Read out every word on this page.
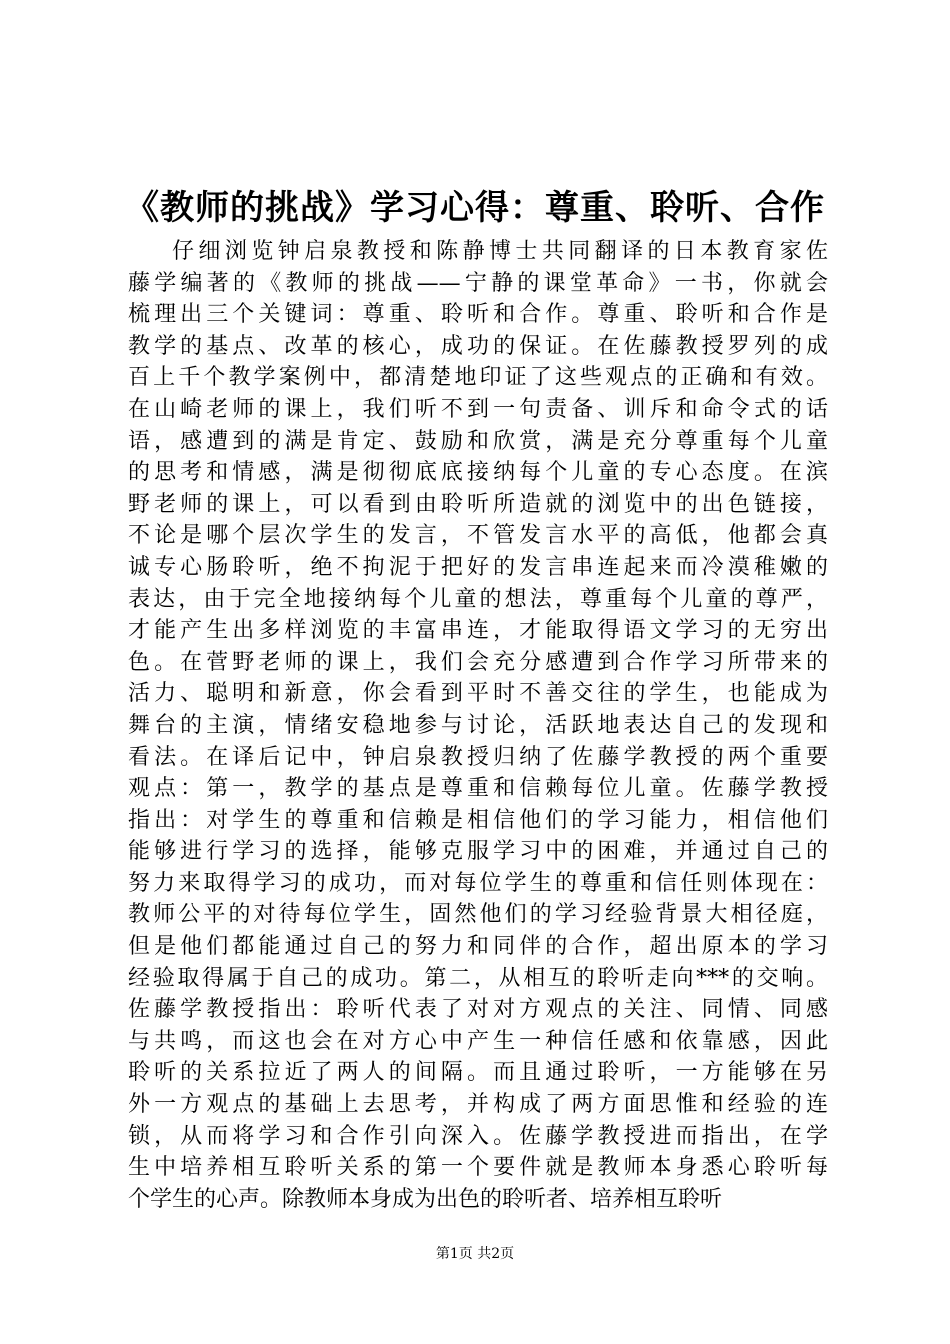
《教师的挑战》学习心得：尊重、聆听、合作
仔细浏览钟启泉教授和陈静博士共同翻译的日本教育家佐
藤学编著的《教师的挑战——宁静的课堂革命》一书，你就会
梳理出三个关键词：尊重、聆听和合作。尊重、聆听和合作是
教学的基点、改革的核心，成功的保证。在佐藤教授罗列的成
百上千个教学案例中，都清楚地印证了这些观点的正确和有效。
在山崎老师的课上，我们听不到一句责备、训斥和命令式的话
语，感遭到的满是肯定、鼓励和欣赏，满是充分尊重每个儿童
的思考和情感，满是彻彻底底接纳每个儿童的专心态度。在滨
野老师的课上，可以看到由聆听所造就的浏览中的出色链接，
不论是哪个层次学生的发言，不管发言水平的高低，他都会真
诚专心肠聆听，绝不拘泥于把好的发言串连起来而冷漠稚嫩的
表达，由于完全地接纳每个儿童的想法，尊重每个儿童的尊严，
才能产生出多样浏览的丰富串连，才能取得语文学习的无穷出
色。在菅野老师的课上，我们会充分感遭到合作学习所带来的
活力、聪明和新意，你会看到平时不善交往的学生，也能成为
舞台的主演，情绪安稳地参与讨论，活跃地表达自己的发现和
看法。在译后记中，钟启泉教授归纳了佐藤学教授的两个重要
观点：第一，教学的基点是尊重和信赖每位儿童。佐藤学教授
指出：对学生的尊重和信赖是相信他们的学习能力，相信他们
能够进行学习的选择，能够克服学习中的困难，并通过自己的
努力来取得学习的成功，而对每位学生的尊重和信任则体现在：
教师公平的对待每位学生，固然他们的学习经验背景大相径庭，
但是他们都能通过自己的努力和同伴的合作，超出原本的学习
经验取得属于自己的成功。第二，从相互的聆听走向***的交响。
佐藤学教授指出：聆听代表了对对方观点的关注、同情、同感
与共鸣，而这也会在对方心中产生一种信任感和依靠感，因此
聆听的关系拉近了两人的间隔。而且通过聆听，一方能够在另
外一方观点的基础上去思考，并构成了两方面思惟和经验的连
锁，从而将学习和合作引向深入。佐藤学教授进而指出，在学
生中培养相互聆听关系的第一个要件就是教师本身悉心聆听每
个学生的心声。除教师本身成为出色的聆听者、培养相互聆听
第1页 共2页
